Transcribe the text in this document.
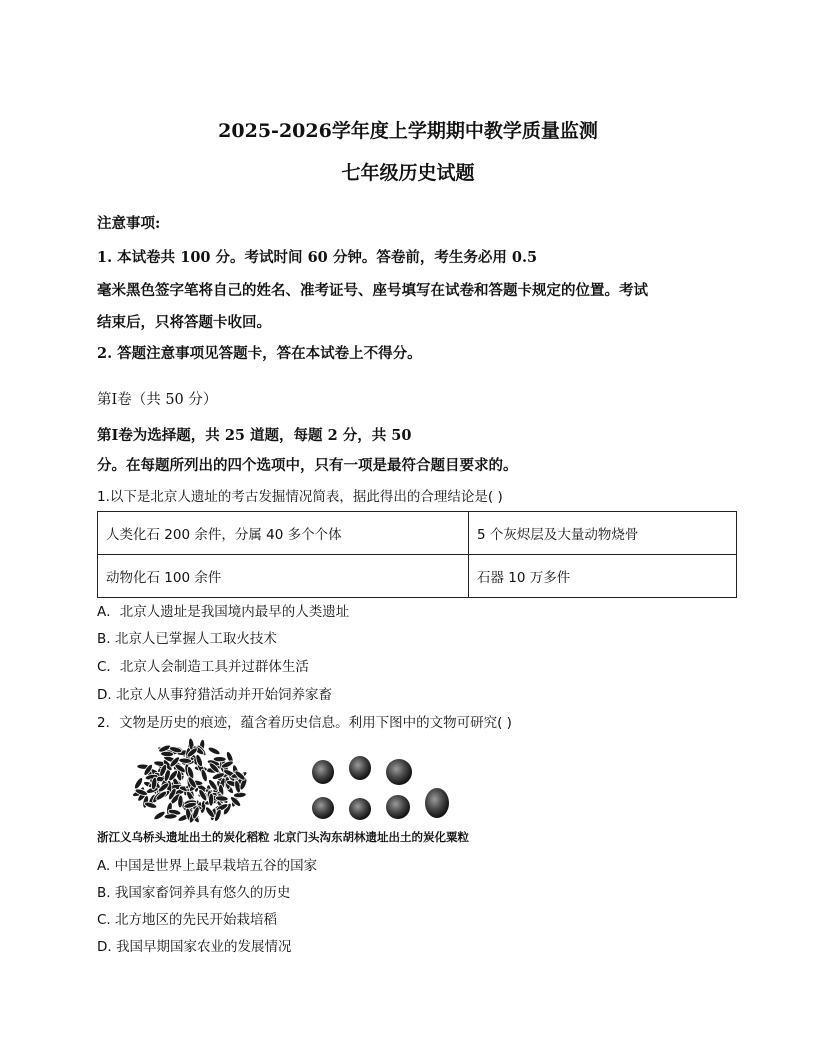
2025-2026学年度上学期期中教学质量监测
七年级历史试题
注意事项:
1. 本试卷共 100 分。考试时间 60 分钟。答卷前，考生务必用 0.5
毫米黑色签字笔将自己的姓名、准考证号、座号填写在试卷和答题卡规定的位置。考试
结束后，只将答题卡收回。
2. 答题注意事项见答题卡，答在本试卷上不得分。
第Ⅰ卷（共 50 分）
第Ⅰ卷为选择题，共 25 道题，每题 2 分，共 50
分。在每题所列出的四个选项中，只有一项是最符合题目要求的。
1.以下是北京人遗址的考古发掘情况简表，据此得出的合理结论是( )
人类化石 200 余件，分属 40 多个个体	5 个灰烬层及大量动物烧骨
动物化石 100 余件	石器 10 万多件
A．北京人遗址是我国境内最早的人类遗址
B. 北京人已掌握人工取火技术
C．北京人会制造工具并过群体生活
D. 北京人从事狩猎活动并开始饲养家畜
2．文物是历史的痕迹，蕴含着历史信息。利用下图中的文物可研究( )
浙江义乌桥头遗址出土的炭化稻粒 北京门头沟东胡林遗址出土的炭化粟粒
A. 中国是世界上最早栽培五谷的国家
B. 我国家畜饲养具有悠久的历史
C. 北方地区的先民开始栽培稻
D. 我国早期国家农业的发展情况
